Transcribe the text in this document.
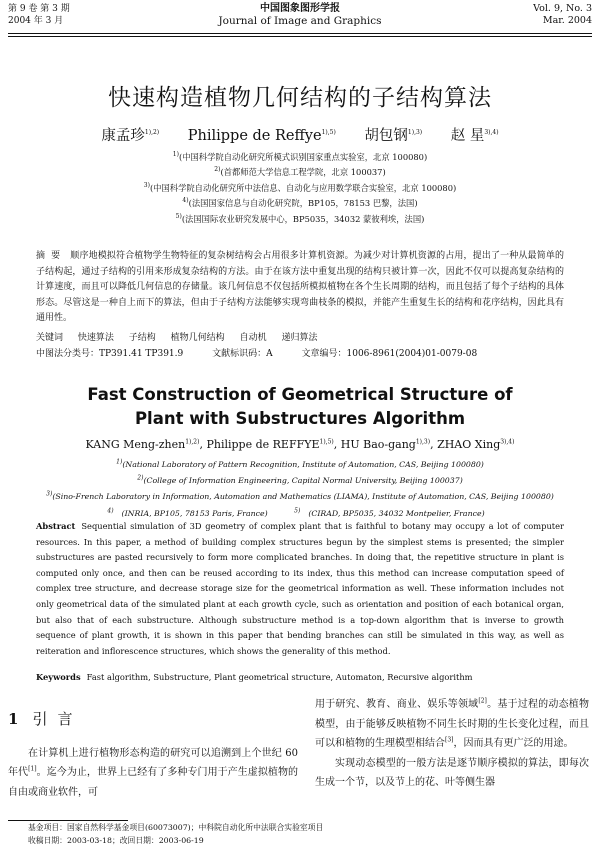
第 9 卷 第 3 期
2004 年 3 月
中国图象图形学报
Journal of Image and Graphics
Vol. 9, No. 3
Mar. 2004
快速构造植物几何结构的子结构算法
康孟珍$^{1),2)}$ Philippe de Reffye$^{1),5)}$ 胡包钢$^{1),3)}$ 赵 星$^{3),4)}$
$^{1)}$(中国科学院自动化研究所模式识别国家重点实验室，北京 100080)
$^{2)}$(首都师范大学信息工程学院，北京 100037)
$^{3)}$(中国科学院自动化研究所中法信息、自动化与应用数学联合实验室，北京 100080)
$^{4)}$(法国国家信息与自动化研究院，BP105，78153 巴黎，法国)
$^{5)}$(法国国际农业研究发展中心，BP5035，34032 蒙彼利埃，法国)
摘要 顺序地模拟符合植物学生物特征的复杂树结构会占用很多计算机资源。为减少对计算机资源的占用，提出了一种从最简单的子结构起，通过子结构的引用来形成复杂结构的方法。由于在该方法中重复出现的结构只被计算一次，因此不仅可以提高复杂结构的计算速度，而且可以降低几何信息的存储量。该几何信息不仅包括所模拟植物在各个生长周期的结构，而且包括了每个子结构的具体形态。尽管这是一种自上而下的算法，但由于子结构方法能够实现弯曲枝条的模拟，并能产生重复生长的结构和花序结构，因此具有通用性。
关键词 快速算法 子结构 植物几何结构 自动机 递归算法
中图法分类号：TP391.41 TP391.9	文献标识码：A	文章编号：1006-8961(2004)01-0079-08
Fast Construction of Geometrical Structure of
Plant with Substructures Algorithm
KANG Meng-zhen$^{1),2)}$, Philippe de $REFFYE^{1),5)}$, HU Bao-gang$^{1),3)}$, ZHAO Xing$^{3),4)}$
$^{1)}$(National Laboratory of Pattern Recognition, Institute of Automation, CAS, Beijing 100080)
$^{2)}$(College of Information Engineering, Capital Normal University, Beijing 100037)
$^{3)}$(Sino-French Laboratory in Information, Automation and Mathematics (LIAMA), Institute of Automation, CAS, Beijing 100080)
$^{4)}$ (INRIA, BP105, 78153 Paris, France)	$^{5)}$ (CIRAD, BP5035, 34032 Montpelier, France)
Abstract Sequential simulation of 3D geometry of complex plant that is faithful to botany may occupy a lot of computer resources. In this paper, a method of building complex structures begun by the simplest stems is presented; the simpler substructures are pasted recursively to form more complicated branches. In doing that, the repetitive structure in plant is computed only once, and then can be reused according to its index, thus this method can increase computation speed of complex tree structure, and decrease storage size for the geometrical information as well. These information includes not only geometrical data of the simulated plant at each growth cycle, such as orientation and position of each botanical organ, but also that of each substructure. Although substructure method is a top-down algorithm that is inverse to growth sequence of plant growth, it is shown in this paper that bending branches can still be simulated in this way, as well as reiteration and inflorescence structures, which shows the generality of this method.
Keywords Fast algorithm, Substructure, Plant geometrical structure, Automaton, Recursive algorithm
1 引言
在计算机上进行植物形态构造的研究可以追溯到上个世纪 60 年代[1]。迄今为止，世界上已经有了多种专门用于产生虚拟植物的自由或商业软件，可

用于研究、教育、商业、娱乐等领域[2]。基于过程的动态植物模型，由于能够反映植物不同生长时期的生长变化过程，而且可以和植物的生理模型相结合[3]，因而具有更广泛的用途。

实现动态模型的一般方法是逐节顺序模拟的算法，即每次生成一个节，以及节上的花、叶等侧生器

基金项目：国家自然科学基金项目(60073007)；中科院自动化所中法联合实验室项目
收稿日期：2003-03-18；改回日期：2003-06-19
